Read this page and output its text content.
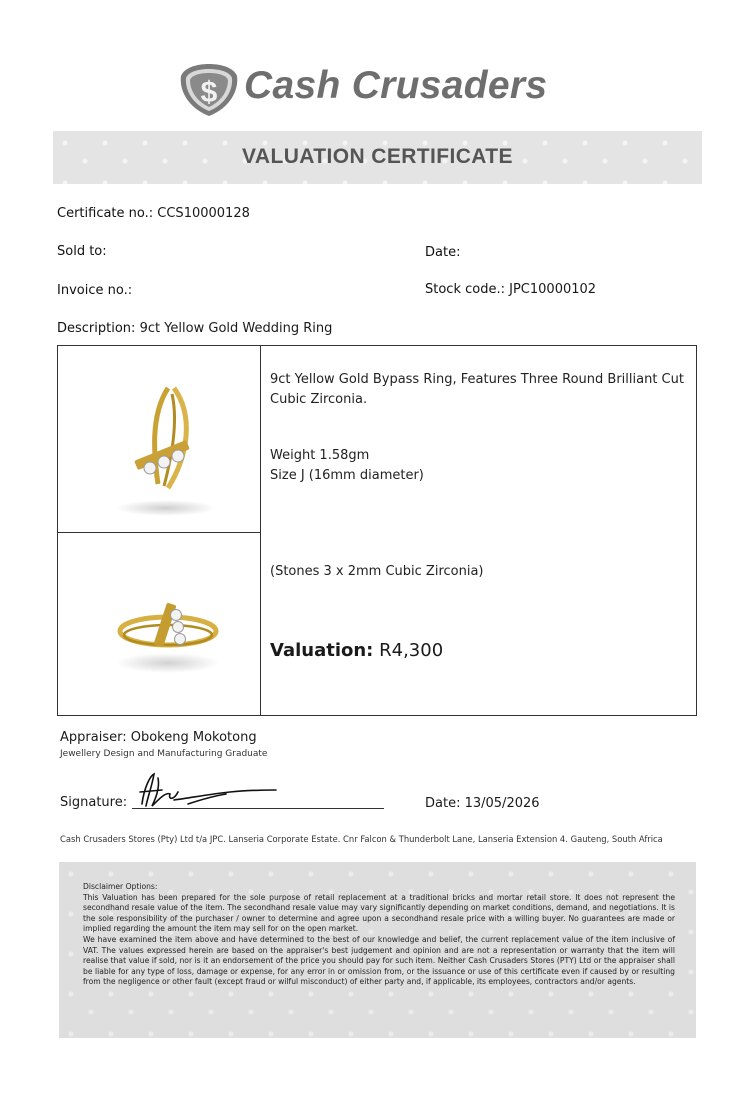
$ Cash Crusaders
VALUATION CERTIFICATE
Certificate no.: CCS10000128
Sold to:	Date:
Invoice no.:	Stock code.: JPC10000102
Description: 9ct Yellow Gold Wedding Ring
9ct Yellow Gold Bypass Ring, Features Three Round Brilliant Cut Cubic Zirconia.
Weight 1.58gm
Size J (16mm diameter)
(Stones 3 x 2mm Cubic Zirconia)
Valuation: R4,300
Appraiser: Obokeng Mokotong
Jewellery Design and Manufacturing Graduate
Signature:	Date: 13/05/2026
Cash Crusaders Stores (Pty) Ltd t/a JPC. Lanseria Corporate Estate. Cnr Falcon & Thunderbolt Lane, Lanseria Extension 4. Gauteng, South Africa

Disclaimer Options:

This Valuation has been prepared for the sole purpose of retail replacement at a traditional bricks and mortar retail store. It does not represent the secondhand resale value of the item. The secondhand resale value may vary significantly depending on market conditions, demand, and negotiations. It is the sole responsibility of the purchaser / owner to determine and agree upon a secondhand resale price with a willing buyer. No guarantees are made or implied regarding the amount the item may sell for on the open market.

We have examined the item above and have determined to the best of our knowledge and belief, the current replacement value of the item inclusive of VAT. The values expressed herein are based on the appraiser's best judgement and opinion and are not a representation or warranty that the item will realise that value if sold, nor is it an endorsement of the price you should pay for such item. Neither Cash Crusaders Stores (PTY) Ltd or the appraiser shall be liable for any type of loss, damage or expense, for any error in or omission from, or the issuance or use of this certificate even if caused by or resulting from the negligence or other fault (except fraud or wilful misconduct) of either party and, if applicable, its employees, contractors and/or agents.
